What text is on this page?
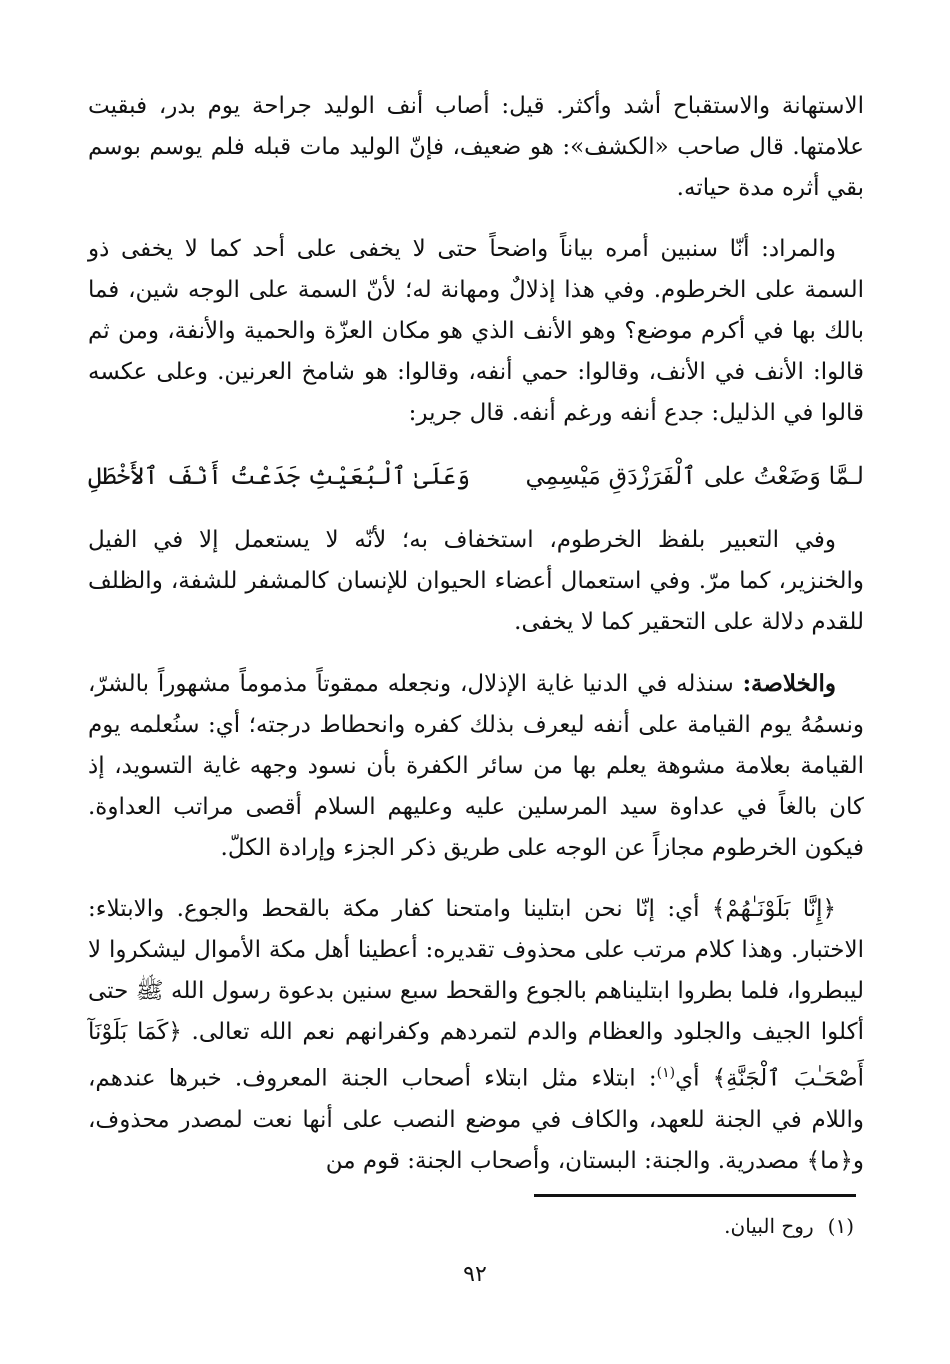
الاستهانة والاستقباح أشد وأكثر. قيل: أصاب أنف الوليد جراحة يوم بدر، فبقيت علامتها. قال صاحب «الكشف»: هو ضعيف، فإنّ الوليد مات قبله فلم يوسم بوسم بقي أثره مدة حياته.

والمراد: أنّا سنبين أمره بياناً واضحاً حتى لا يخفى على أحد كما لا يخفى ذو السمة على الخرطوم. وفي هذا إذلالٌ ومهانة له؛ لأنّ السمة على الوجه شين، فما بالك بها في أكرم موضع؟ وهو الأنف الذي هو مكان العزّة والحمية والأنفة، ومن ثم قالوا: الأنف في الأنف، وقالوا: حمي أنفه، وقالوا: هو شامخ العرنين. وعلى عكسه قالوا في الذليل: جدع أنفه ورغم أنفه. قال جرير:

لـمَّا وَضَعْتُ على ٱلْفَرَزْدَقِ مَيْسِمِي
وَعَلَىٰ ٱلْبُعَيْثِ جَدَعْتُ أَنْفَ ٱلأَخْطَلِ

وفي التعبير بلفظ الخرطوم، استخفاف به؛ لأنّه لا يستعمل إلا في الفيل والخنزير، كما مرّ. وفي استعمال أعضاء الحيوان للإنسان كالمشفر للشفة، والظلف للقدم دلالة على التحقير كما لا يخفى.

والخلاصة: سنذله في الدنيا غاية الإذلال، ونجعله ممقوتاً مذموماً مشهوراً بالشرّ، ونسمُهُ يوم القيامة على أنفه ليعرف بذلك كفره وانحطاط درجته؛ أي: سنُعلمه يوم القيامة بعلامة مشوهة يعلم بها من سائر الكفرة بأن نسود وجهه غاية التسويد، إذ كان بالغاً في عداوة سيد المرسلين عليه وعليهم السلام أقصى مراتب العداوة. فيكون الخرطوم مجازاً عن الوجه على طريق ذكر الجزء وإرادة الكلّ.

﴿إِنَّا بَلَوْنَـٰهُمْ﴾ أي: إنّا نحن ابتلينا وامتحنا كفار مكة بالقحط والجوع. والابتلاء: الاختبار. وهذا كلام مرتب على محذوف تقديره: أعطينا أهل مكة الأموال ليشكروا لا ليبطروا، فلما بطروا ابتليناهم بالجوع والقحط سبع سنين بدعوة رسول الله ﷺ حتى أكلوا الجيف والجلود والعظام والدم لتمردهم وكفرانهم نعم الله تعالى. ﴿كَمَا بَلَوْنَآ أَصْحَـٰبَ ٱلْجَنَّةِ﴾ أي$^{(١)}$: ابتلاء مثل ابتلاء أصحاب الجنة المعروف. خبرها عندهم، واللام في الجنة للعهد، والكاف في موضع النصب على أنها نعت لمصدر محذوف، و﴿ما﴾ مصدرية. والجنة: البستان، وأصحاب الجنة: قوم من

(١)روح البيان.
٩٢
